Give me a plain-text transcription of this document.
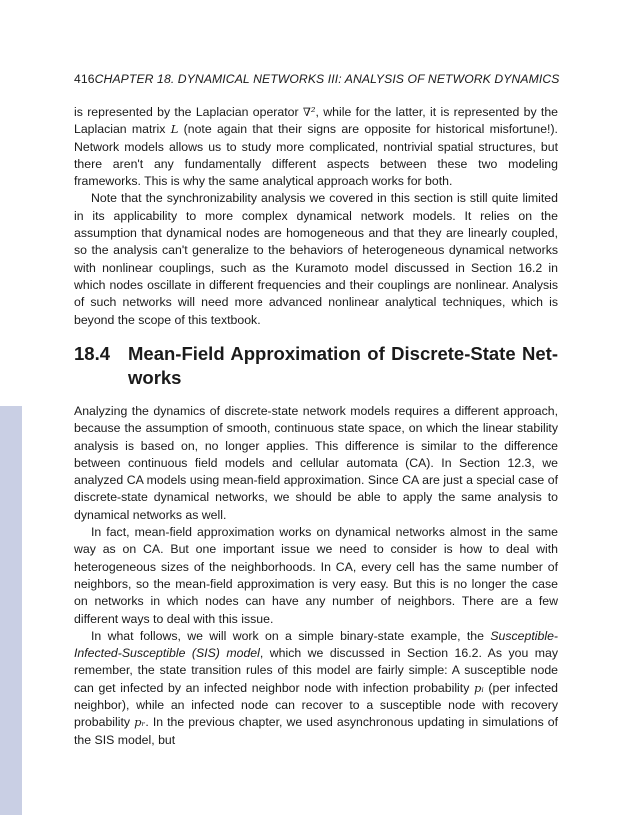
416CHAPTER 18. DYNAMICAL NETWORKS III: ANALYSIS OF NETWORK DYNAMICS

is represented by the Laplacian operator ∇², while for the latter, it is represented by the Laplacian matrix L (note again that their signs are opposite for historical misfortune!). Network models allows us to study more complicated, nontrivial spatial structures, but there aren't any fundamentally different aspects between these two modeling frameworks. This is why the same analytical approach works for both.

Note that the synchronizability analysis we covered in this section is still quite limited in its applicability to more complex dynamical network models. It relies on the assumption that dynamical nodes are homogeneous and that they are linearly coupled, so the analysis can't generalize to the behaviors of heterogeneous dynamical networks with nonlinear couplings, such as the Kuramoto model discussed in Section 16.2 in which nodes oscillate in different frequencies and their couplings are nonlinear. Analysis of such networks will need more advanced nonlinear analytical techniques, which is beyond the scope of this textbook.

18.4 Mean-Field Approximation of Discrete-State Net-
works

Analyzing the dynamics of discrete-state network models requires a different approach, because the assumption of smooth, continuous state space, on which the linear stability analysis is based on, no longer applies. This difference is similar to the difference between continuous field models and cellular automata (CA). In Section 12.3, we analyzed CA models using mean-field approximation. Since CA are just a special case of discrete-state dynamical networks, we should be able to apply the same analysis to dynamical networks as well.

In fact, mean-field approximation works on dynamical networks almost in the same way as on CA. But one important issue we need to consider is how to deal with heterogeneous sizes of the neighborhoods. In CA, every cell has the same number of neighbors, so the mean-field approximation is very easy. But this is no longer the case on networks in which nodes can have any number of neighbors. There are a few different ways to deal with this issue.

In what follows, we will work on a simple binary-state example, the Susceptible-Infected-Susceptible (SIS) model, which we discussed in Section 16.2. As you may remember, the state transition rules of this model are fairly simple: A susceptible node can get infected by an infected neighbor node with infection probability pᵢ (per infected neighbor), while an infected node can recover to a susceptible node with recovery probability pᵣ. In the previous chapter, we used asynchronous updating in simulations of the SIS model, but
